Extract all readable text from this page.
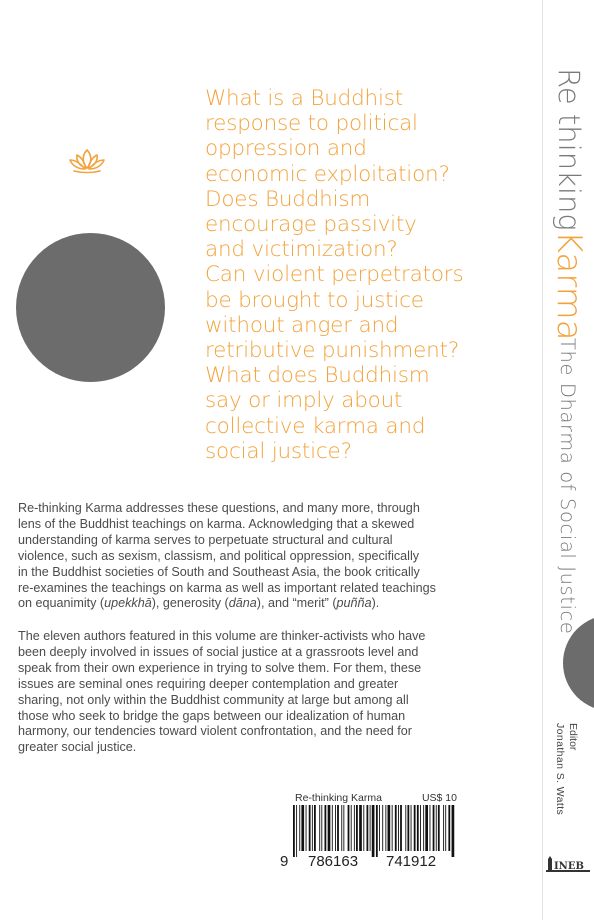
What is a Buddhist
response to political
oppression and
economic exploitation?
Does Buddhism
encourage passivity
and victimization?
Can violent perpetrators
be brought to justice
without anger and
retributive punishment?
What does Buddhism
say or imply about
collective karma and
social justice?
Re-thinking Karma addresses these questions, and many more, through
lens of the Buddhist teachings on karma. Acknowledging that a skewed
understanding of karma serves to perpetuate structural and cultural
violence, such as sexism, classism, and political oppression, specifically
in the Buddhist societies of South and Southeast Asia, the book critically
re-examines the teachings on karma as well as important related teachings
on equanimity (upekkhā), generosity (dāna), and “merit” (puñña).
The eleven authors featured in this volume are thinker-activists who have
been deeply involved in issues of social justice at a grassroots level and
speak from their own experience in trying to solve them. For them, these
issues are seminal ones requiring deeper contemplation and greater
sharing, not only within the Buddhist community at large but among all
those who seek to bridge the gaps between our idealization of human
harmony, our tendencies toward violent confrontation, and the need for
greater social justice.
Re-thinking Karma	US$ 10
9 786163 741912
Re thinkingKarma
The Dharma of Social Justice
Editor
Jonathan S. Watts
INEB
